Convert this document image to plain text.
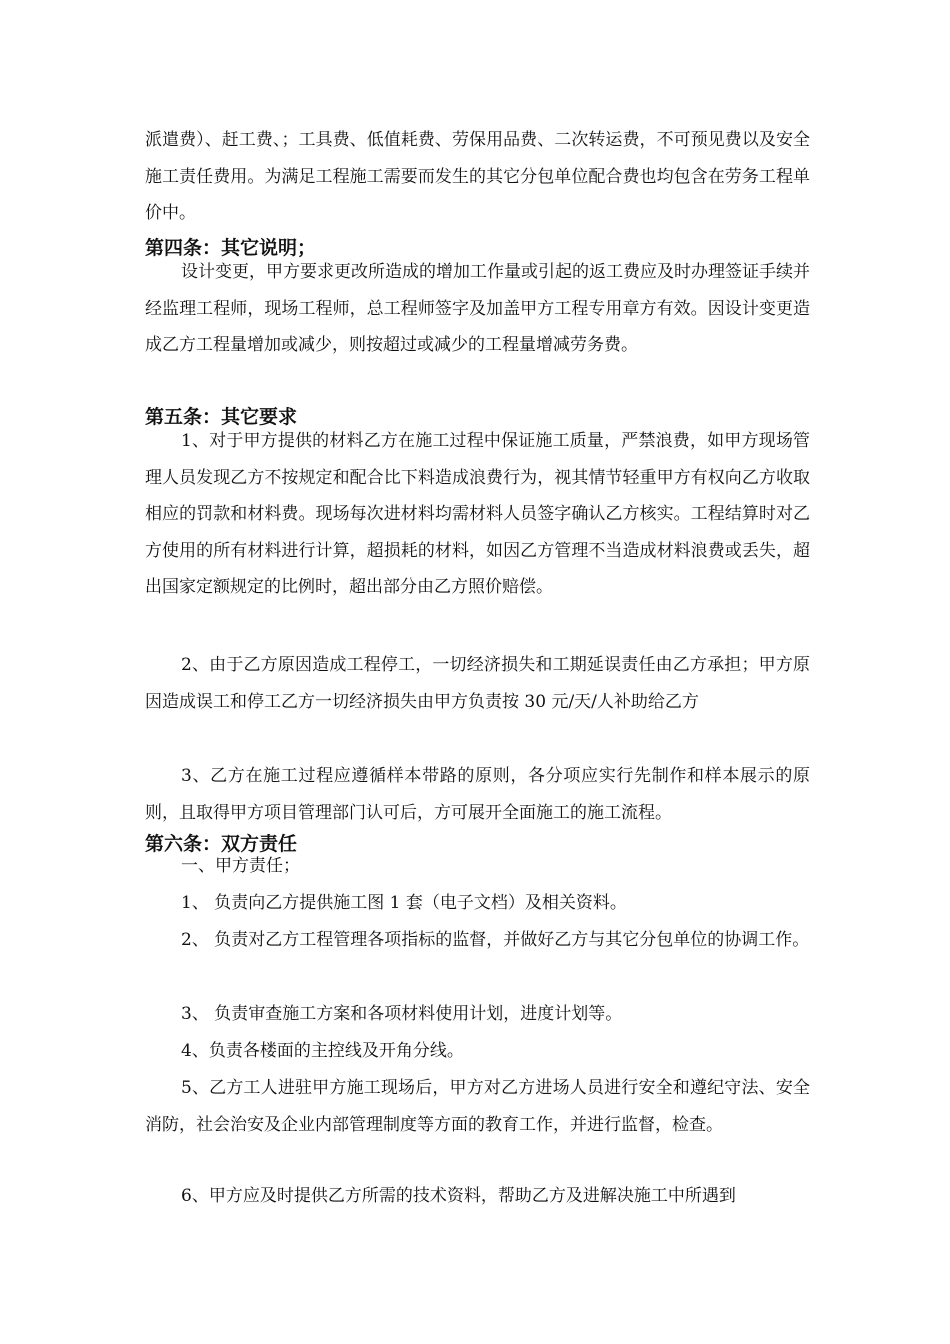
派遣费）、赶工费、；工具费、低值耗费、劳保用品费、二次转运费，不可预见费以及安全施工责任费用。为满足工程施工需要而发生的其它分包单位配合费也均包含在劳务工程单价中。

第四条：其它说明；

设计变更，甲方要求更改所造成的增加工作量或引起的返工费应及时办理签证手续并经监理工程师，现场工程师，总工程师签字及加盖甲方工程专用章方有效。因设计变更造成乙方工程量增加或减少，则按超过或减少的工程量增减劳务费。

第五条：其它要求

1、对于甲方提供的材料乙方在施工过程中保证施工质量，严禁浪费，如甲方现场管理人员发现乙方不按规定和配合比下料造成浪费行为，视其情节轻重甲方有权向乙方收取相应的罚款和材料费。现场每次进材料均需材料人员签字确认乙方核实。工程结算时对乙方使用的所有材料进行计算，超损耗的材料，如因乙方管理不当造成材料浪费或丢失，超出国家定额规定的比例时，超出部分由乙方照价赔偿。

2、由于乙方原因造成工程停工，一切经济损失和工期延误责任由乙方承担；甲方原因造成误工和停工乙方一切经济损失由甲方负责按 30 元/天/人补助给乙方

3、乙方在施工过程应遵循样本带路的原则，各分项应实行先制作和样本展示的原则，且取得甲方项目管理部门认可后，方可展开全面施工的施工流程。

第六条：双方责任

一、甲方责任；

1、 负责向乙方提供施工图 1 套（电子文档）及相关资料。

2、 负责对乙方工程管理各项指标的监督，并做好乙方与其它分包单位的协调工作。

3、 负责审查施工方案和各项材料使用计划，进度计划等。

4、负责各楼面的主控线及开角分线。

5、乙方工人进驻甲方施工现场后，甲方对乙方进场人员进行安全和遵纪守法、安全消防，社会治安及企业内部管理制度等方面的教育工作，并进行监督，检查。

6、甲方应及时提供乙方所需的技术资料，帮助乙方及进解决施工中所遇到
